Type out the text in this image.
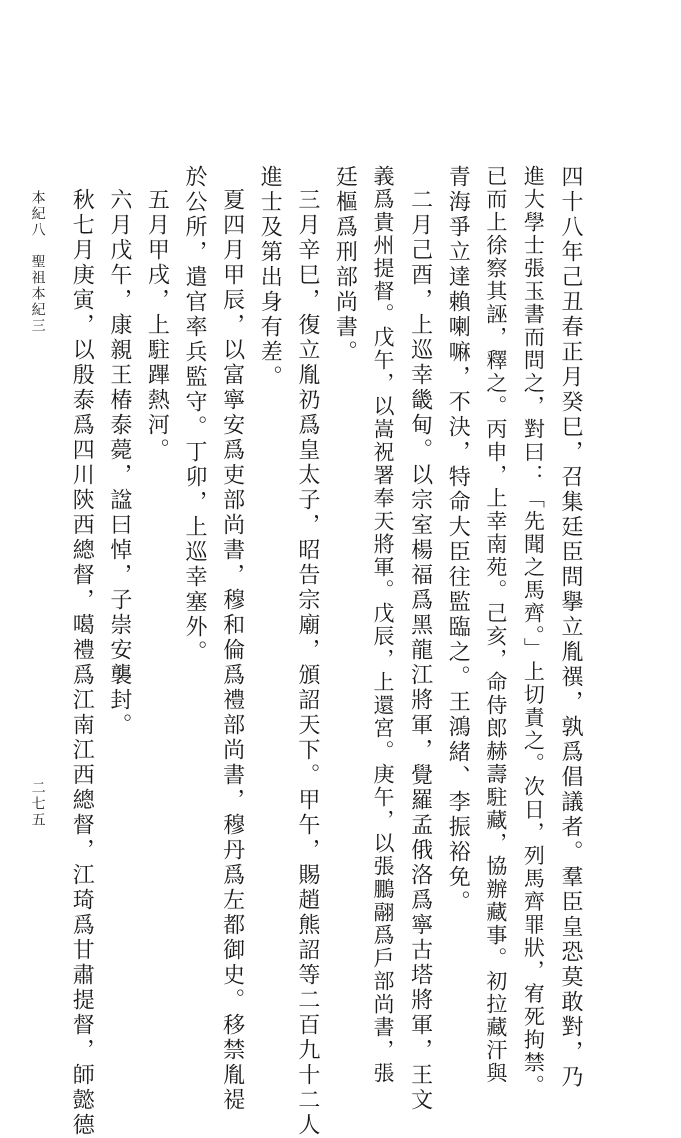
四十八年己丑春正月癸巳，召集廷臣問擧立胤禩，孰爲倡議者。羣臣皇恐莫敢對，乃
進大學士張玉書而問之，對曰：「先聞之馬齊。」上切責之。次日，列馬齊罪狀，宥死拘禁。
已而上徐察其誣，釋之。丙申，上幸南苑。己亥，命侍郎赫壽駐藏，協辦藏事。初拉藏汗與
青海爭立達賴喇嘛，不決，特命大臣往監臨之。王鴻緒、李振裕免。
二月己酉，上巡幸畿甸。以宗室楊福爲黑龍江將軍，覺羅孟俄洛爲寧古塔將軍，王文
義爲貴州提督。戊午，以嵩祝署奉天將軍。戊辰，上還宮。庚午，以張鵬翮爲戶部尚書，張
廷樞爲刑部尚書。
三月辛巳，復立胤礽爲皇太子，昭告宗廟，頒詔天下。甲午，賜趙熊詔等二百九十二人
進士及第出身有差。
夏四月甲辰，以富寧安爲吏部尚書，穆和倫爲禮部尚書，穆丹爲左都御史。移禁胤禔
於公所，遣官率兵監守。丁卯，上巡幸塞外。
五月甲戌，上駐蹕熱河。
六月戊午，康親王椿泰薨，諡曰悼，子崇安襲封。
秋七月庚寅，以殷泰爲四川陝西總督，噶禮爲江南江西總督，江琦爲甘肅提督，師懿德
本紀八　聖祖本紀三
二七五
